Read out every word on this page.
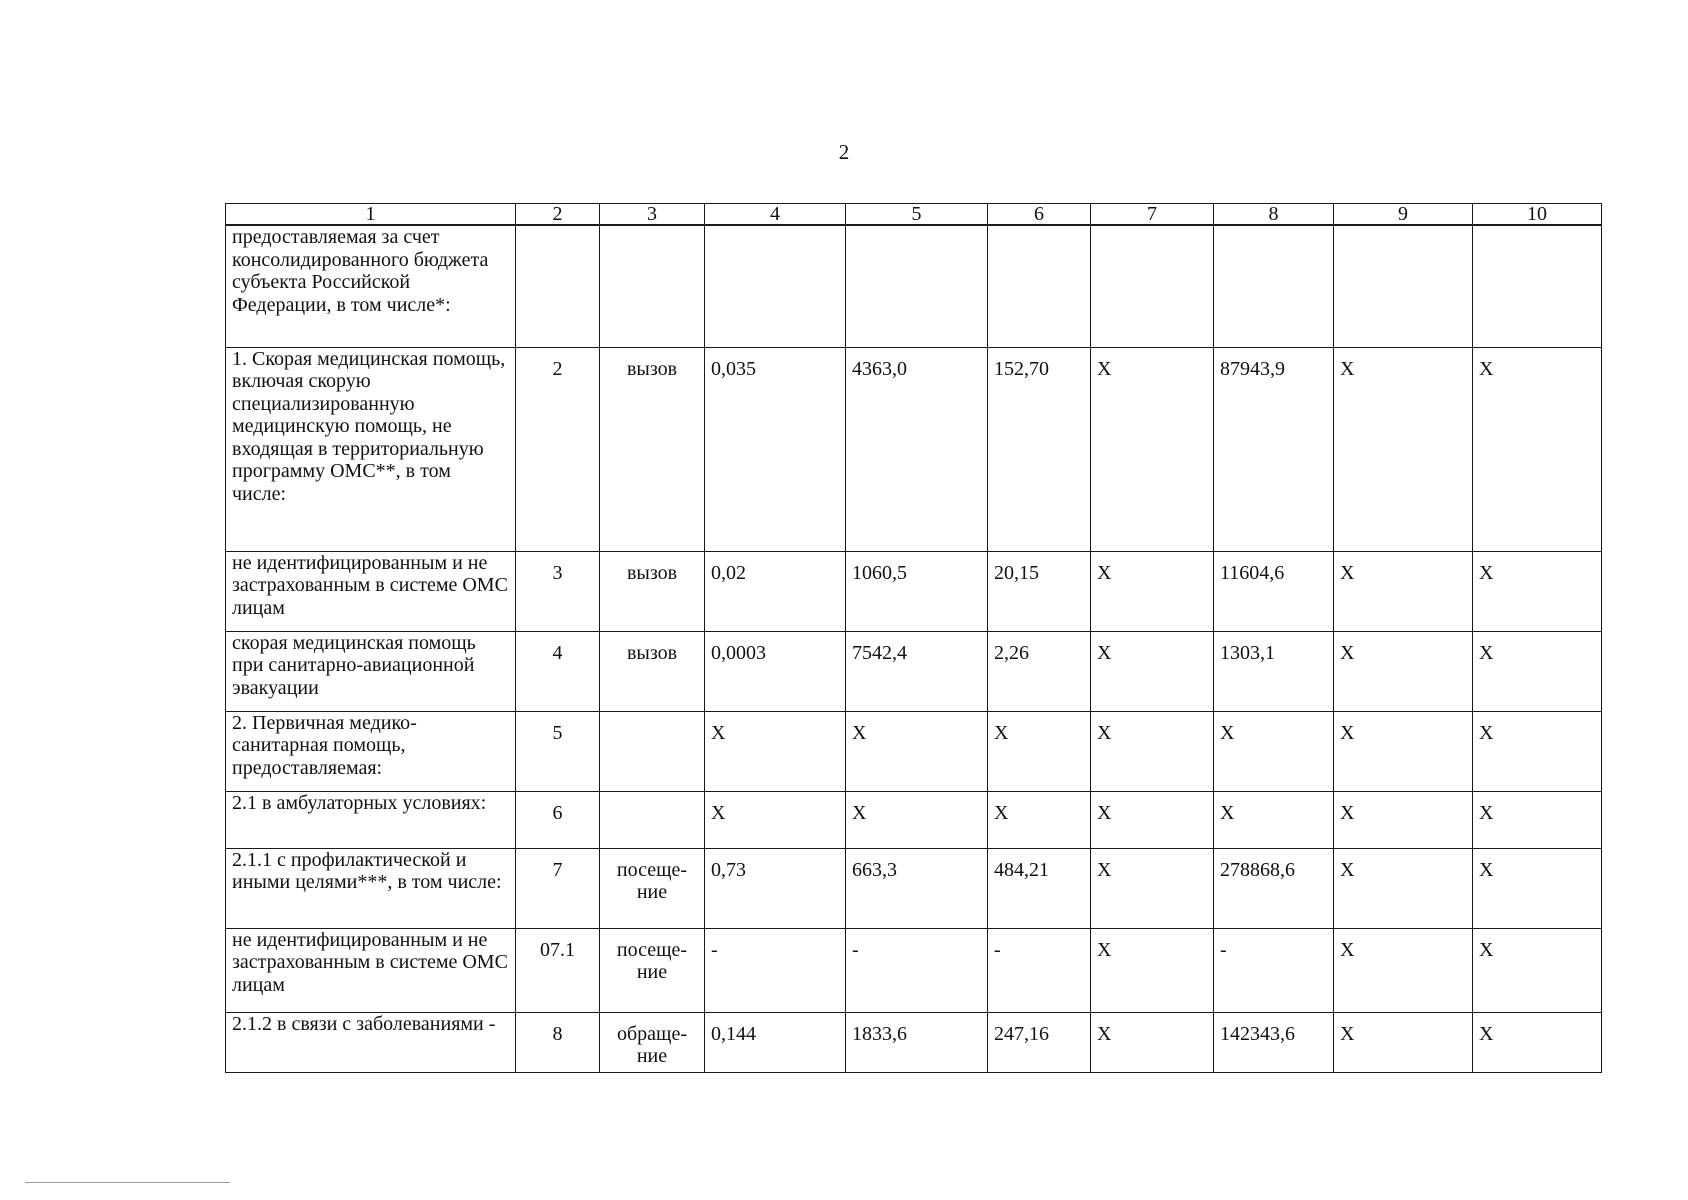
2
1	2	3	4	5	6	7	8	9	10
предоставляемая за счет консолидированного бюджета субъекта Российской Федерации, в том числе*:									
1. Скорая медицинская помощь, включая скорую специализированную медицинскую помощь, не входящая в территориальную программу ОМС**, в том числе:	2	вызов	0,035	4363,0	152,70	X	87943,9	X	X
не идентифицированным и не застрахованным в системе ОМС лицам	3	вызов	0,02	1060,5	20,15	X	11604,6	X	X
скорая медицинская помощь при санитарно-авиационной эвакуации	4	вызов	0,0003	7542,4	2,26	X	1303,1	X	X
2. Первичная медико-санитарная помощь, предоставляемая:	5		X	X	X	X	X	X	X
2.1 в амбулаторных условиях:	6		X	X	X	X	X	X	X
2.1.1 с профилактической и иными целями***, в том числе:	7	посеще-ние	0,73	663,3	484,21	X	278868,6	X	X
не идентифицированным и не застрахованным в системе ОМС лицам	07.1	посеще-ние	-	-	-	X	-	X	X
2.1.2 в связи с заболеваниями -	8	обраще-ние	0,144	1833,6	247,16	X	142343,6	X	X
